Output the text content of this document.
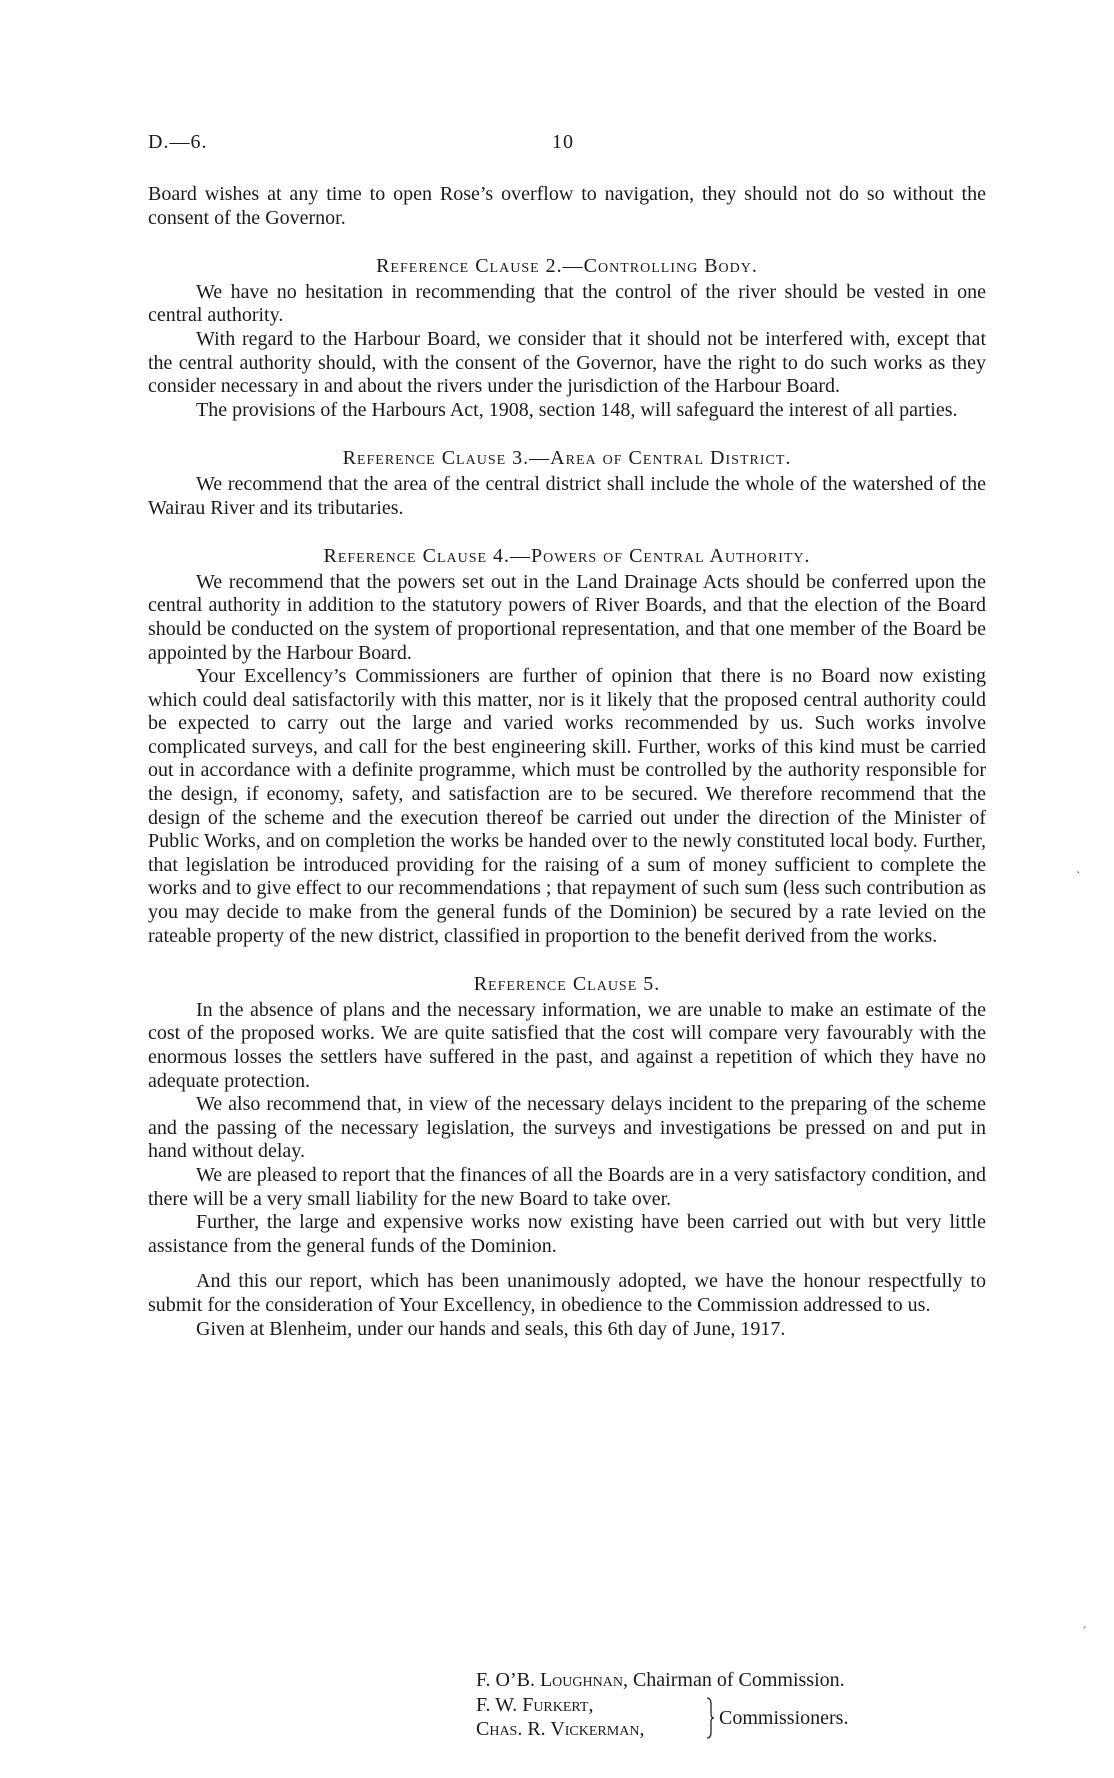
D.—6.	10

Board wishes at any time to open Rose’s overflow to navigation, they should not do so without the consent of the Governor.

Reference Clause 2.—Controlling Body.

We have no hesitation in recommending that the control of the river should be vested in one central authority.

With regard to the Harbour Board, we consider that it should not be interfered with, except that the central authority should, with the consent of the Governor, have the right to do such works as they consider necessary in and about the rivers under the jurisdiction of the Harbour Board.

The provisions of the Harbours Act, 1908, section 148, will safeguard the interest of all parties.

Reference Clause 3.—Area of Central District.

We recommend that the area of the central district shall include the whole of the watershed of the Wairau River and its tributaries.

Reference Clause 4.—Powers of Central Authority.

We recommend that the powers set out in the Land Drainage Acts should be conferred upon the central authority in addition to the statutory powers of River Boards, and that the election of the Board should be conducted on the system of proportional representation, and that one member of the Board be appointed by the Harbour Board.

Your Excellency’s Commissioners are further of opinion that there is no Board now existing which could deal satisfactorily with this matter, nor is it likely that the proposed central authority could be expected to carry out the large and varied works recommended by us. Such works involve complicated surveys, and call for the best engineering skill. Further, works of this kind must be carried out in accordance with a definite programme, which must be controlled by the authority responsible for the design, if economy, safety, and satisfaction are to be secured. We therefore recommend that the design of the scheme and the execution thereof be carried out under the direction of the Minister of Public Works, and on completion the works be handed over to the newly constituted local body. Further, that legislation be introduced providing for the raising of a sum of money sufficient to complete the works and to give effect to our recommendations ; that repayment of such sum (less such contribution as you may decide to make from the general funds of the Dominion) be secured by a rate levied on the rateable property of the new district, classified in proportion to the benefit derived from the works.

Reference Clause 5.

In the absence of plans and the necessary information, we are unable to make an estimate of the cost of the proposed works. We are quite satisfied that the cost will compare very favourably with the enormous losses the settlers have suffered in the past, and against a repetition of which they have no adequate protection.

We also recommend that, in view of the necessary delays incident to the preparing of the scheme and the passing of the necessary legislation, the surveys and investigations be pressed on and put in hand without delay.

We are pleased to report that the finances of all the Boards are in a very satisfactory condition, and there will be a very small liability for the new Board to take over.

Further, the large and expensive works now existing have been carried out with but very little assistance from the general funds of the Dominion.

And this our report, which has been unanimously adopted, we have the honour respectfully to submit for the consideration of Your Excellency, in obedience to the Commission addressed to us.

Given at Blenheim, under our hands and seals, this 6th day of June, 1917.

F. O’B. Loughnan, Chairman of Commission.
F. W. Furkert,
Chas. R. Vickerman,	Commissioners.
`
´
